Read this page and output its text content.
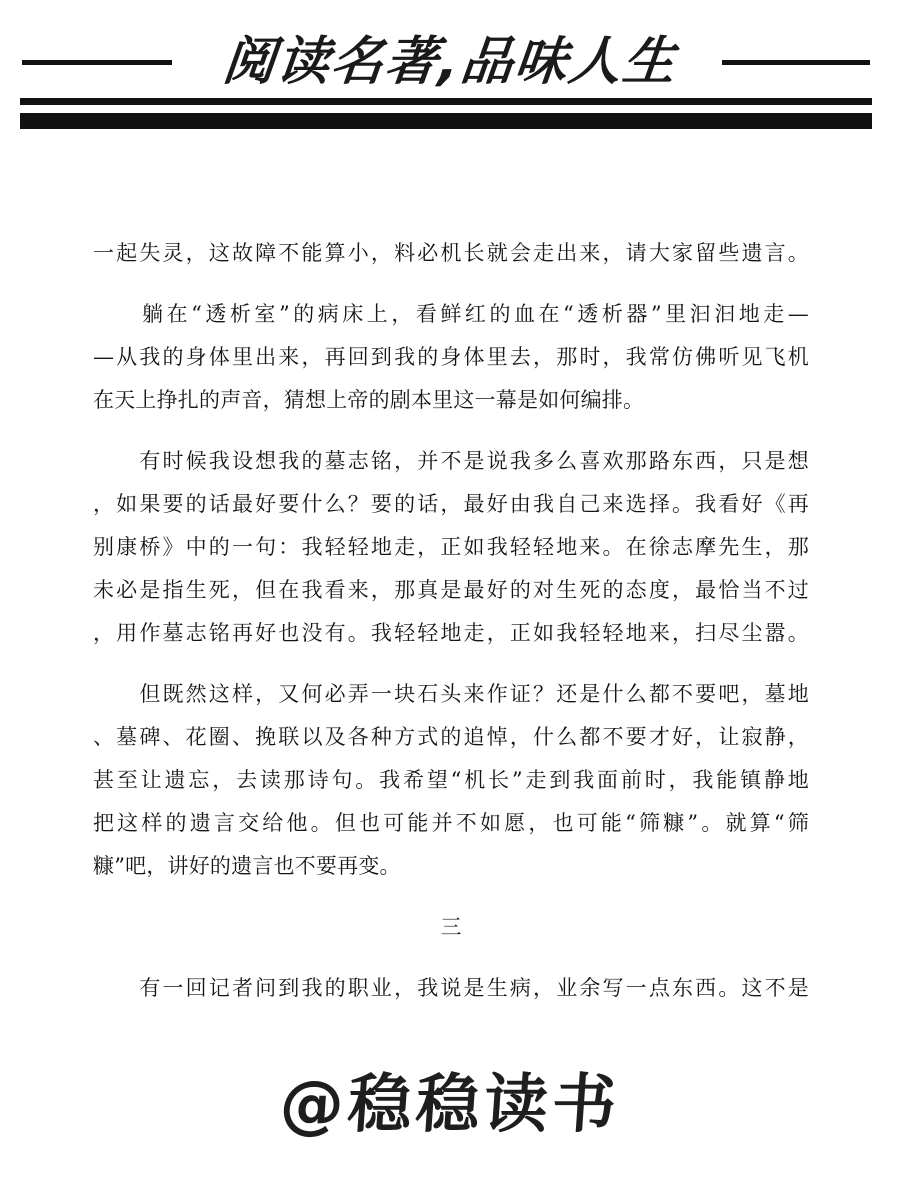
阅读名著,品味人生
一起失灵，这故障不能算小，料必机长就会走出来，请大家留些遗言。
　　躺在“透析室”的病床上，看鲜红的血在“透析器”里汩汩地走—
—从我的身体里出来，再回到我的身体里去，那时，我常仿佛听见飞机
在天上挣扎的声音，猜想上帝的剧本里这一幕是如何编排。
　　有时候我设想我的墓志铭，并不是说我多么喜欢那路东西，只是想
，如果要的话最好要什么？要的话，最好由我自己来选择。我看好《再
别康桥》中的一句：我轻轻地走，正如我轻轻地来。在徐志摩先生，那
未必是指生死，但在我看来，那真是最好的对生死的态度，最恰当不过
，用作墓志铭再好也没有。我轻轻地走，正如我轻轻地来，扫尽尘嚣。
　　但既然这样，又何必弄一块石头来作证？还是什么都不要吧，墓地
、墓碑、花圈、挽联以及各种方式的追悼，什么都不要才好，让寂静，
甚至让遗忘，去读那诗句。我希望“机长”走到我面前时，我能镇静地
把这样的遗言交给他。但也可能并不如愿，也可能“筛糠”。就算“筛
糠”吧，讲好的遗言也不要再变。
三
　　有一回记者问到我的职业，我说是生病，业余写一点东西。这不是
@稳稳读书
